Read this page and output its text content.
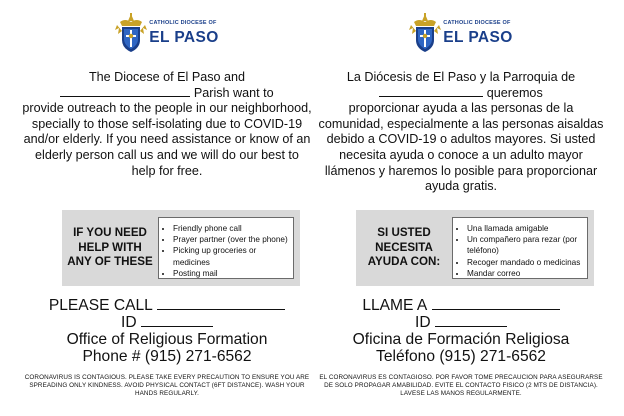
CATHOLIC DIOCESE OF
EL PASO

The Diocese of El Paso and

Parish want to

provide outreach to the people in our neighborhood, specially to those self-isolating due to COVID-19 and/or elderly. If you need assistance or know of an elderly person call us and we will do our best to help for free.

IF YOU NEED HELP WITH ANY OF THESE
• Friendly phone call
• Prayer partner (over the phone)
• Picking up groceries or medicines
• Posting mail
PLEASE CALL
ID
Office of Religious Formation
Phone # (915) 271-6562

CORONAVIRUS IS CONTAGIOUS. PLEASE TAKE EVERY PRECAUTION TO ENSURE YOU ARE SPREADING ONLY KINDNESS. AVOID PHYSICAL CONTACT (6FT DISTANCE). WASH YOUR HANDS REGULARLY.

CATHOLIC DIOCESE OF
EL PASO

La Diócesis de El Paso y la Parroquia de

queremos

proporcionar ayuda a las personas de la comunidad, especialmente a las personas aisaldas debido a COVID-19 o adultos mayores. Si usted necesita ayuda o conoce a un adulto mayor llámenos y haremos lo posible para proporcionar ayuda gratis.

SI USTED NECESITA AYUDA CON:
• Una llamada amigable
• Un compañero para rezar (por teléfono)
• Recoger mandado o medicinas
• Mandar correo
LLAME A
ID
Oficina de Formación Religiosa
Teléfono (915) 271-6562

EL CORONAVIRUS ES CONTAGIOSO. POR FAVOR TOME PRECAUCION PARA ASEGURARSE DE SOLO PROPAGAR AMABILIDAD. EVITE EL CONTACTO FISICO (2 MTS DE DISTANCIA). LAVESE LAS MANOS REGULARMENTE.
